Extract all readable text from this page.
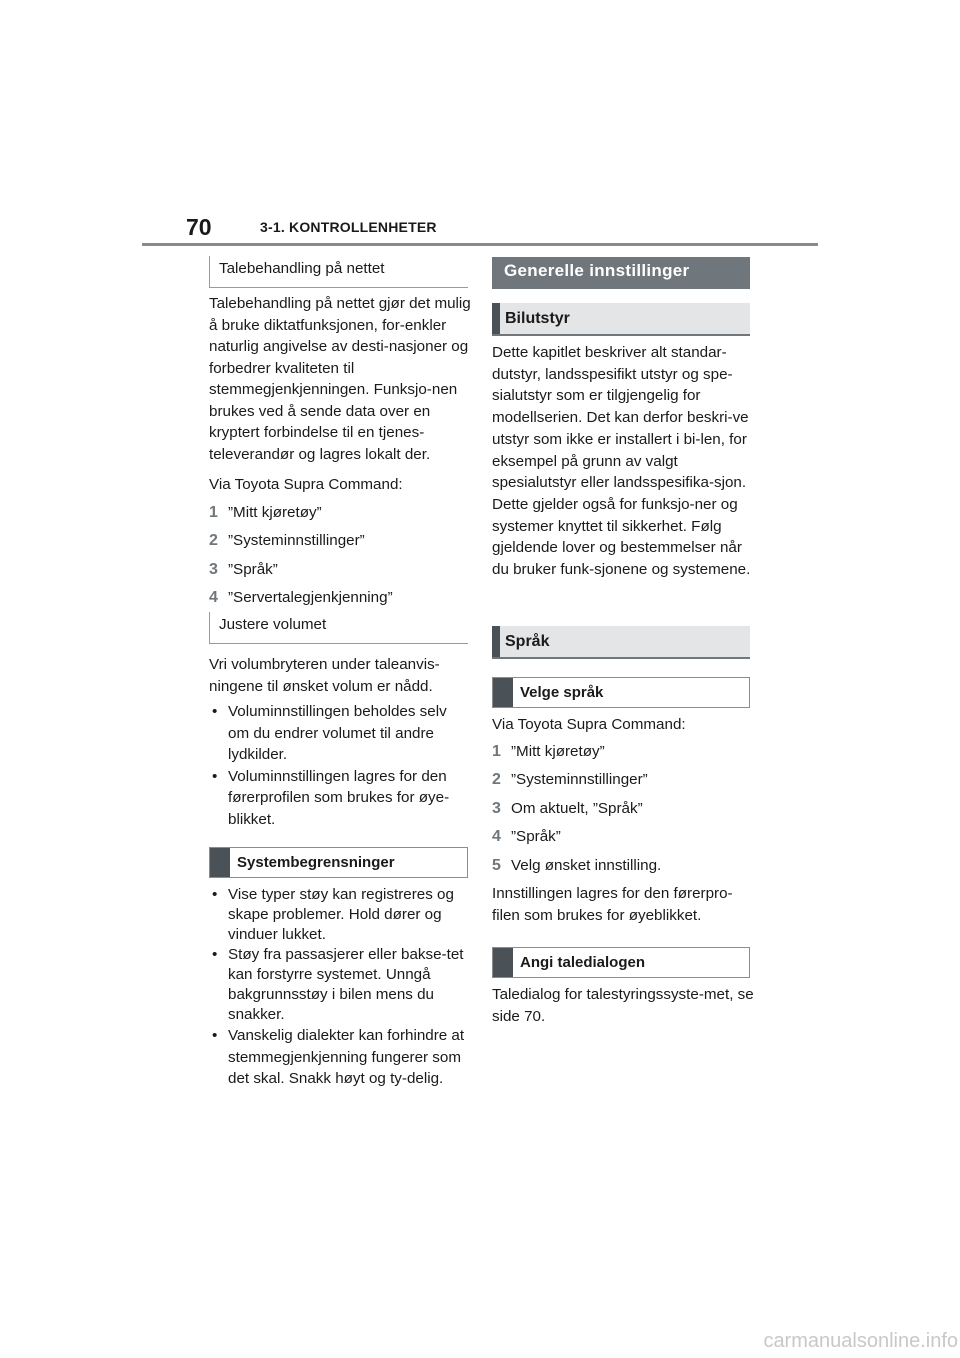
70	3-1. KONTROLLENHETER
Talebehandling på nettet

Talebehandling på nettet gjør det mulig å bruke diktatfunksjonen, for-enkler naturlig angivelse av desti-nasjoner og forbedrer kvaliteten til stemmegjenkjenningen. Funksjo-nen brukes ved å sende data over en kryptert forbindelse til en tjenes-televerandør og lagres lokalt der.

Via Toyota Supra Command:

1 ”Mitt kjøretøy”
2 ”Systeminnstillinger”
3 ”Språk”
4 ”Servertalegjenkjenning”
Justere volumet

Vri volumbryteren under taleanvis-ningene til ønsket volum er nådd.

• Voluminnstillingen beholdes selv om du endrer volumet til andre lydkilder.
• Voluminnstillingen lagres for den førerprofilen som brukes for øye-blikket.
Systembegrensninger
• Vise typer støy kan registreres og skape problemer. Hold dører og vinduer lukket.
• Støy fra passasjerer eller bakse-tet kan forstyrre systemet. Unngå bakgrunnsstøy i bilen mens du snakker.
• Vanskelig dialekter kan forhindre at stemmegjenkjenning fungerer som det skal. Snakk høyt og ty-delig.
Generelle innstillinger
Bilutstyr

Dette kapitlet beskriver alt standar-dutstyr, landsspesifikt utstyr og spe-sialutstyr som er tilgjengelig for modellserien. Det kan derfor beskri-ve utstyr som ikke er installert i bi-len, for eksempel på grunn av valgt spesialutstyr eller landsspesifika-sjon. Dette gjelder også for funksjo-ner og systemer knyttet til sikkerhet. Følg gjeldende lover og bestemmelser når du bruker funk-sjonene og systemene.

Språk
Velge språk

Via Toyota Supra Command:

1 ”Mitt kjøretøy”
2 ”Systeminnstillinger”
3 Om aktuelt, ”Språk”
4 ”Språk”
5 Velg ønsket innstilling.

Innstillingen lagres for den førerpro-filen som brukes for øyeblikket.

Angi taledialogen

Taledialog for talestyringssyste-met, se side 70.

carmanualsonline.info
